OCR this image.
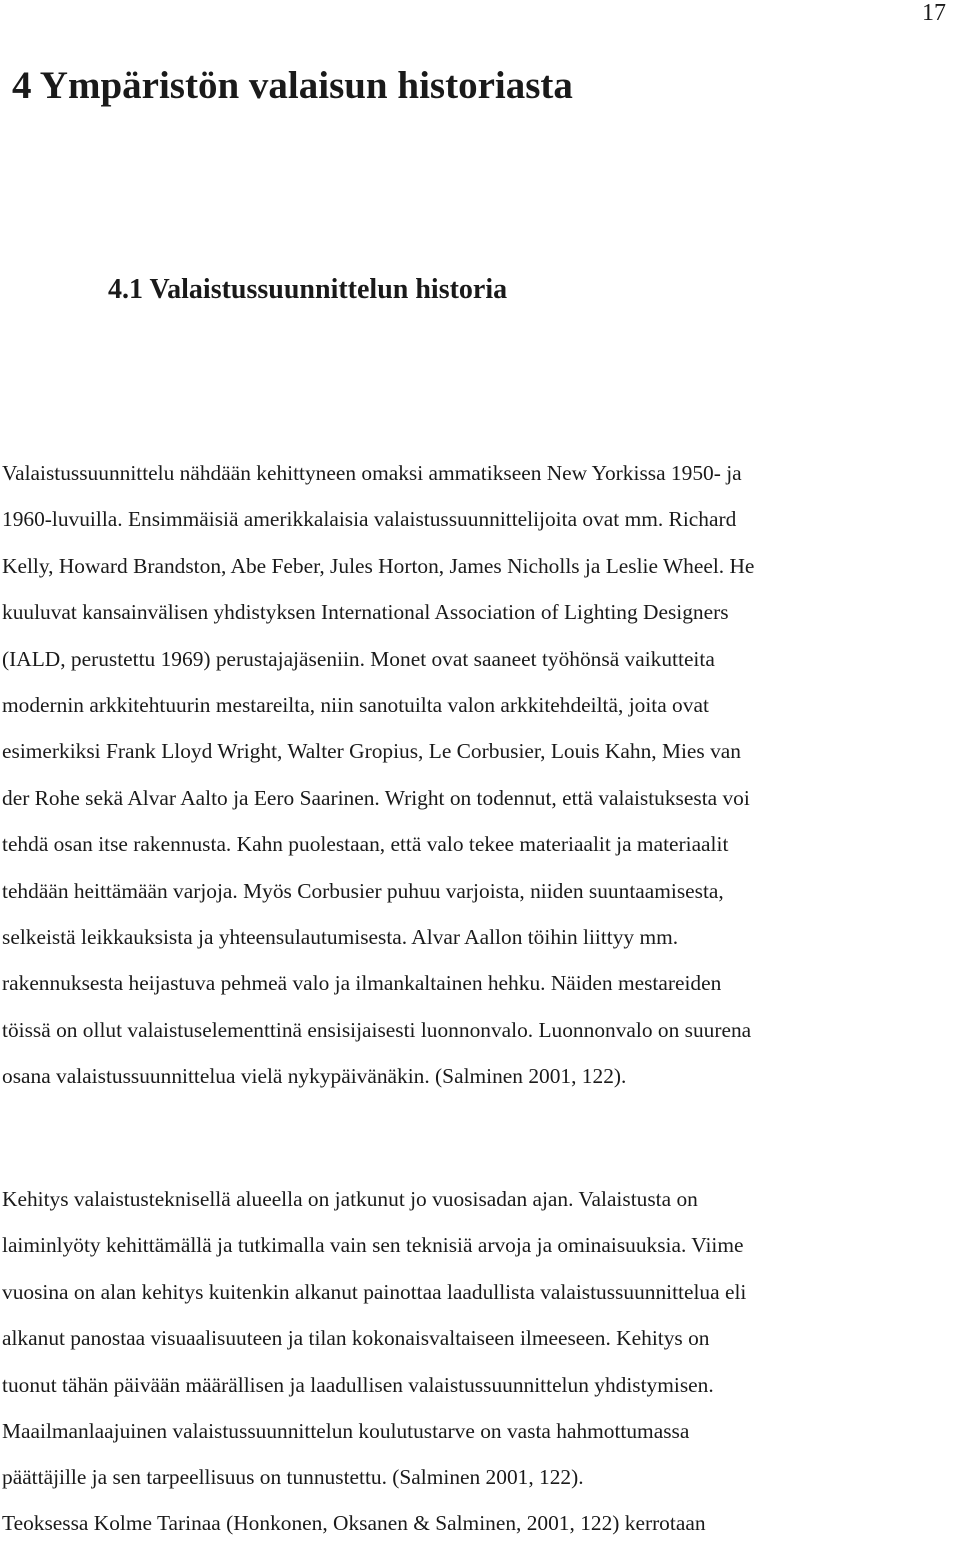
17
4 Ympäristön valaisun historiasta
4.1 Valaistussuunnittelun historia
Valaistussuunnittelu nähdään kehittyneen omaksi ammatikseen New Yorkissa 1950- ja
1960-luvuilla. Ensimmäisiä amerikkalaisia valaistussuunnittelijoita ovat mm. Richard
Kelly, Howard Brandston, Abe Feber, Jules Horton, James Nicholls ja Leslie Wheel. He
kuuluvat kansainvälisen yhdistyksen International Association of Lighting Designers
(IALD, perustettu 1969) perustajajäseniin. Monet ovat saaneet työhönsä vaikutteita
modernin arkkitehtuurin mestareilta, niin sanotuilta valon arkkitehdeiltä, joita ovat
esimerkiksi Frank Lloyd Wright, Walter Gropius, Le Corbusier, Louis Kahn, Mies van
der Rohe sekä Alvar Aalto ja Eero Saarinen. Wright on todennut, että valaistuksesta voi
tehdä osan itse rakennusta. Kahn puolestaan, että valo tekee materiaalit ja materiaalit
tehdään heittämään varjoja. Myös Corbusier puhuu varjoista, niiden suuntaamisesta,
selkeistä leikkauksista ja yhteensulautumisesta. Alvar Aallon töihin liittyy mm.
rakennuksesta heijastuva pehmeä valo ja ilmankaltainen hehku. Näiden mestareiden
töissä on ollut valaistuselementtinä ensisijaisesti luonnonvalo. Luonnonvalo on suurena
osana valaistussuunnittelua vielä nykypäivänäkin. (Salminen 2001, 122).
Kehitys valaistusteknisellä alueella on jatkunut jo vuosisadan ajan. Valaistusta on
laiminlyöty kehittämällä ja tutkimalla vain sen teknisiä arvoja ja ominaisuuksia. Viime
vuosina on alan kehitys kuitenkin alkanut painottaa laadullista valaistussuunnittelua eli
alkanut panostaa visuaalisuuteen ja tilan kokonaisvaltaiseen ilmeeseen. Kehitys on
tuonut tähän päivään määrällisen ja laadullisen valaistussuunnittelun yhdistymisen.
Maailmanlaajuinen valaistussuunnittelun koulutustarve on vasta hahmottumassa
päättäjille ja sen tarpeellisuus on tunnustettu. (Salminen 2001, 122).
Teoksessa Kolme Tarinaa (Honkonen, Oksanen & Salminen, 2001, 122) kerrotaan
